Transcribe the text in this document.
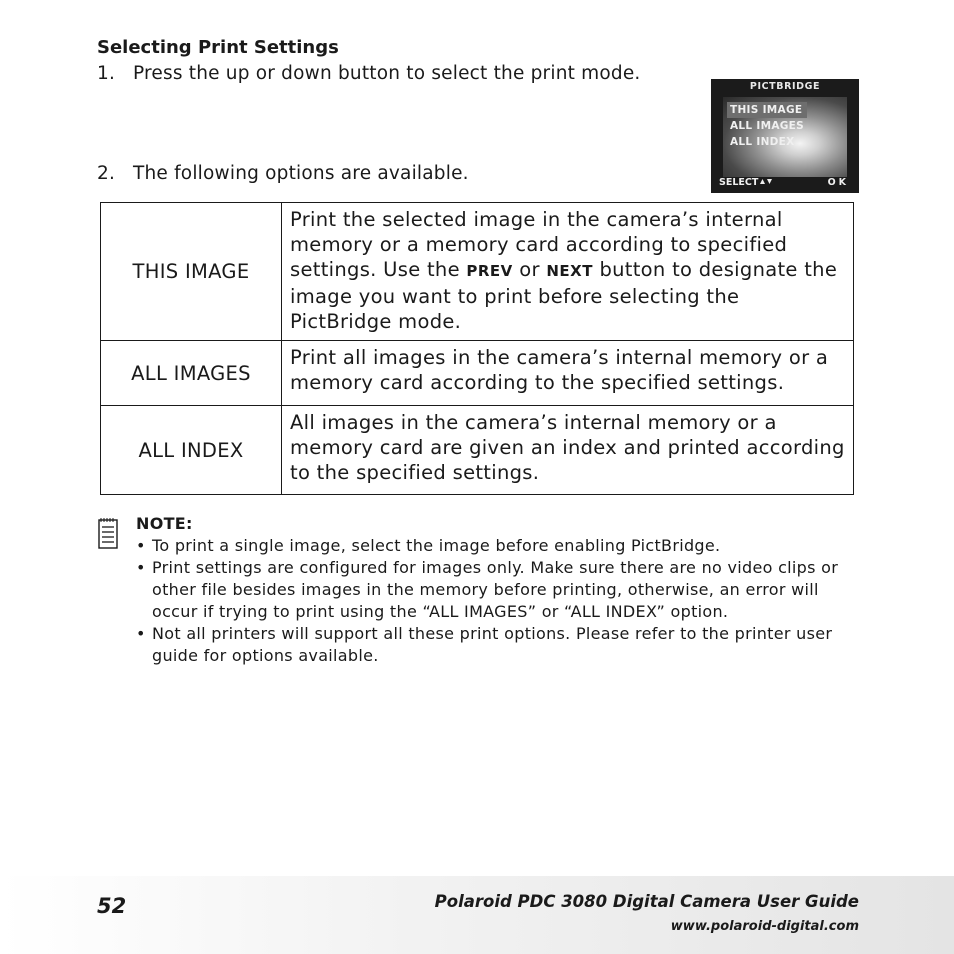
Selecting Print Settings
1. Press the up or down button to select the print mode.
2. The following options are available.
PICTBRIDGE
THIS IMAGE
ALL IMAGES
ALL INDEX
SELECT	OK
THIS IMAGE	Print the selected image in the camera’s internal memory or a memory card according to specified settings. Use the PREV or NEXT button to designate the image you want to print before selecting the PictBridge mode.
ALL IMAGES	Print all images in the camera’s internal memory or a memory card according to the specified settings.
ALL INDEX	All images in the camera’s internal memory or a memory card are given an index and printed according to the specified settings.
NOTE:
• To print a single image, select the image before enabling PictBridge.
• Print settings are configured for images only. Make sure there are no video clips or other file besides images in the memory before printing, otherwise, an error will occur if trying to print using the “ALL IMAGES” or “ALL INDEX” option.
• Not all printers will support all these print options. Please refer to the printer user guide for options available.
52	Polaroid PDC 3080 Digital Camera User Guide
www.polaroid-digital.com
